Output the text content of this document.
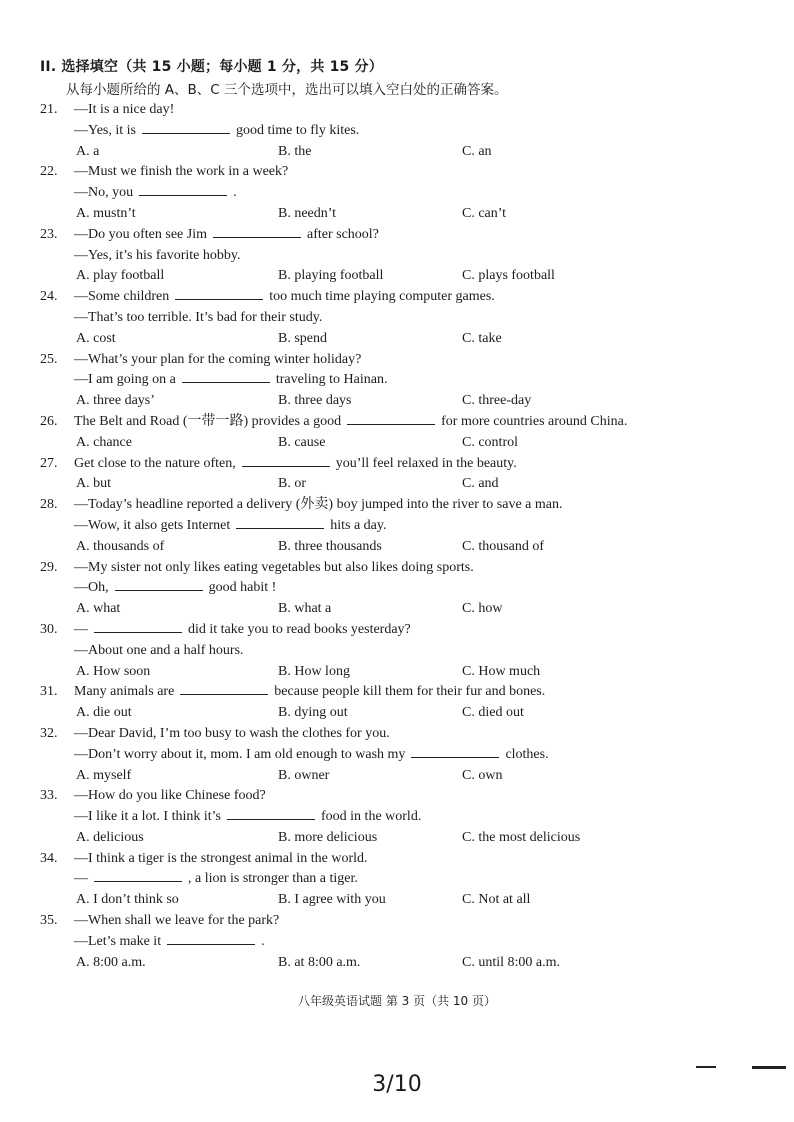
II. 选择填空（共 15 小题；每小题 1 分，共 15 分）
从每小题所给的 A、B、C 三个选项中，选出可以填入空白处的正确答案。
21. —It is a nice day!
—Yes, it is	good time to fly kites.
A. a	B. the	C. an
22. —Must we finish the work in a week?
—No, you	.
A. mustn’t	B. needn’t	C. can’t
23. —Do you often see Jim	after school?
—Yes, it’s his favorite hobby.
A. play football	B. playing football	C. plays football
24. —Some children	too much time playing computer games.
—That’s too terrible. It’s bad for their study.
A. cost	B. spend	C. take
25. —What’s your plan for the coming winter holiday?
—I am going on a	traveling to Hainan.
A. three days’	B. three days	C. three-day
26. The Belt and Road (一带一路) provides a good	for more countries around China.
A. chance	B. cause	C. control
27. Get close to the nature often,	you’ll feel relaxed in the beauty.
A. but	B. or	C. and
28. —Today’s headline reported a delivery (外卖) boy jumped into the river to save a man.
—Wow, it also gets Internet	hits a day.
A. thousands of	B. three thousands	C. thousand of
29. —My sister not only likes eating vegetables but also likes doing sports.
—Oh,	good habit !
A. what	B. what a	C. how
30. —	did it take you to read books yesterday?
—About one and a half hours.
A. How soon	B. How long	C. How much
31. Many animals are	because people kill them for their fur and bones.
A. die out	B. dying out	C. died out
32. —Dear David, I’m too busy to wash the clothes for you.
—Don’t worry about it, mom. I am old enough to wash my	clothes.
A. myself	B. owner	C. own
33. —How do you like Chinese food?
—I like it a lot. I think it’s	food in the world.
A. delicious	B. more delicious	C. the most delicious
34. —I think a tiger is the strongest animal in the world.
—	, a lion is stronger than a tiger.
A. I don’t think so	B. I agree with you	C. Not at all
35. —When shall we leave for the park?
—Let’s make it	.
A. 8:00 a.m.	B. at 8:00 a.m.	C. until 8:00 a.m.
八年级英语试题 第 3 页（共 10 页）
3/10
